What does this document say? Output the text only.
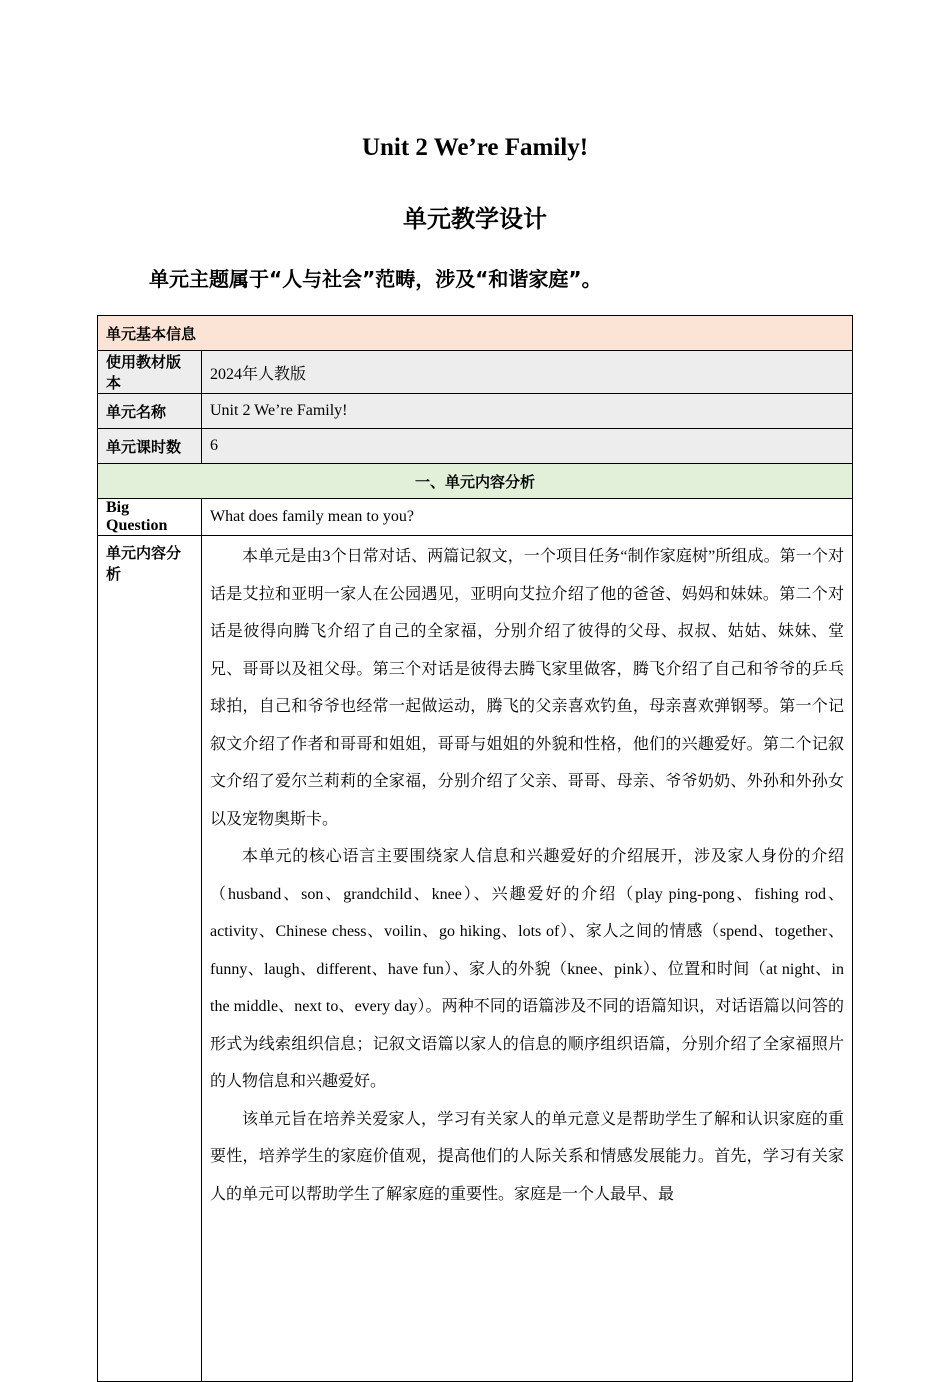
Unit 2 We’re Family!
单元教学设计
单元主题属于“人与社会”范畴，涉及“和谐家庭”。
单元基本信息	
使用教材版本	2024年人教版
单元名称	Unit 2 We’re Family!
单元课时数	6
一、单元内容分析	
Big Question	What does family mean to you?
单元内容分析	本单元是由3个日常对话、两篇记叙文，一个项目任务“制作家庭树”所组成。第一个对话是艾拉和亚明一家人在公园遇见，亚明向艾拉介绍了他的爸爸、妈妈和妹妹。第二个对话是彼得向腾飞介绍了自己的全家福，分别介绍了彼得的父母、叔叔、姑姑、妹妹、堂兄、哥哥以及祖父母。第三个对话是彼得去腾飞家里做客，腾飞介绍了自己和爷爷的乒乓球拍，自己和爷爷也经常一起做运动，腾飞的父亲喜欢钓鱼，母亲喜欢弹钢琴。第一个记叙文介绍了作者和哥哥和姐姐，哥哥与姐姐的外貌和性格，他们的兴趣爱好。第二个记叙文介绍了爱尔兰莉莉的全家福，分别介绍了父亲、哥哥、母亲、爷爷奶奶、外孙和外孙女以及宠物奥斯卡。

本单元的核心语言主要围绕家人信息和兴趣爱好的介绍展开，涉及家人身份的介绍（husband、son、grandchild、knee）、兴趣爱好的介绍（play ping-pong、fishing rod、activity、Chinese chess、voilin、go hiking、lots of）、家人之间的情感（spend、together、funny、laugh、different、have fun）、家人的外貌（knee、pink）、位置和时间（at night、in the middle、next to、every day）。两种不同的语篇涉及不同的语篇知识，对话语篇以问答的形式为线索组织信息；记叙文语篇以家人的信息的顺序组织语篇，分别介绍了全家福照片的人物信息和兴趣爱好。

该单元旨在培养关爱家人，学习有关家人的单元意义是帮助学生了解和认识家庭的重要性，培养学生的家庭价值观，提高他们的人际关系和情感发展能力。首先，学习有关家人的单元可以帮助学生了解家庭的重要性。家庭是一个人最早、最
